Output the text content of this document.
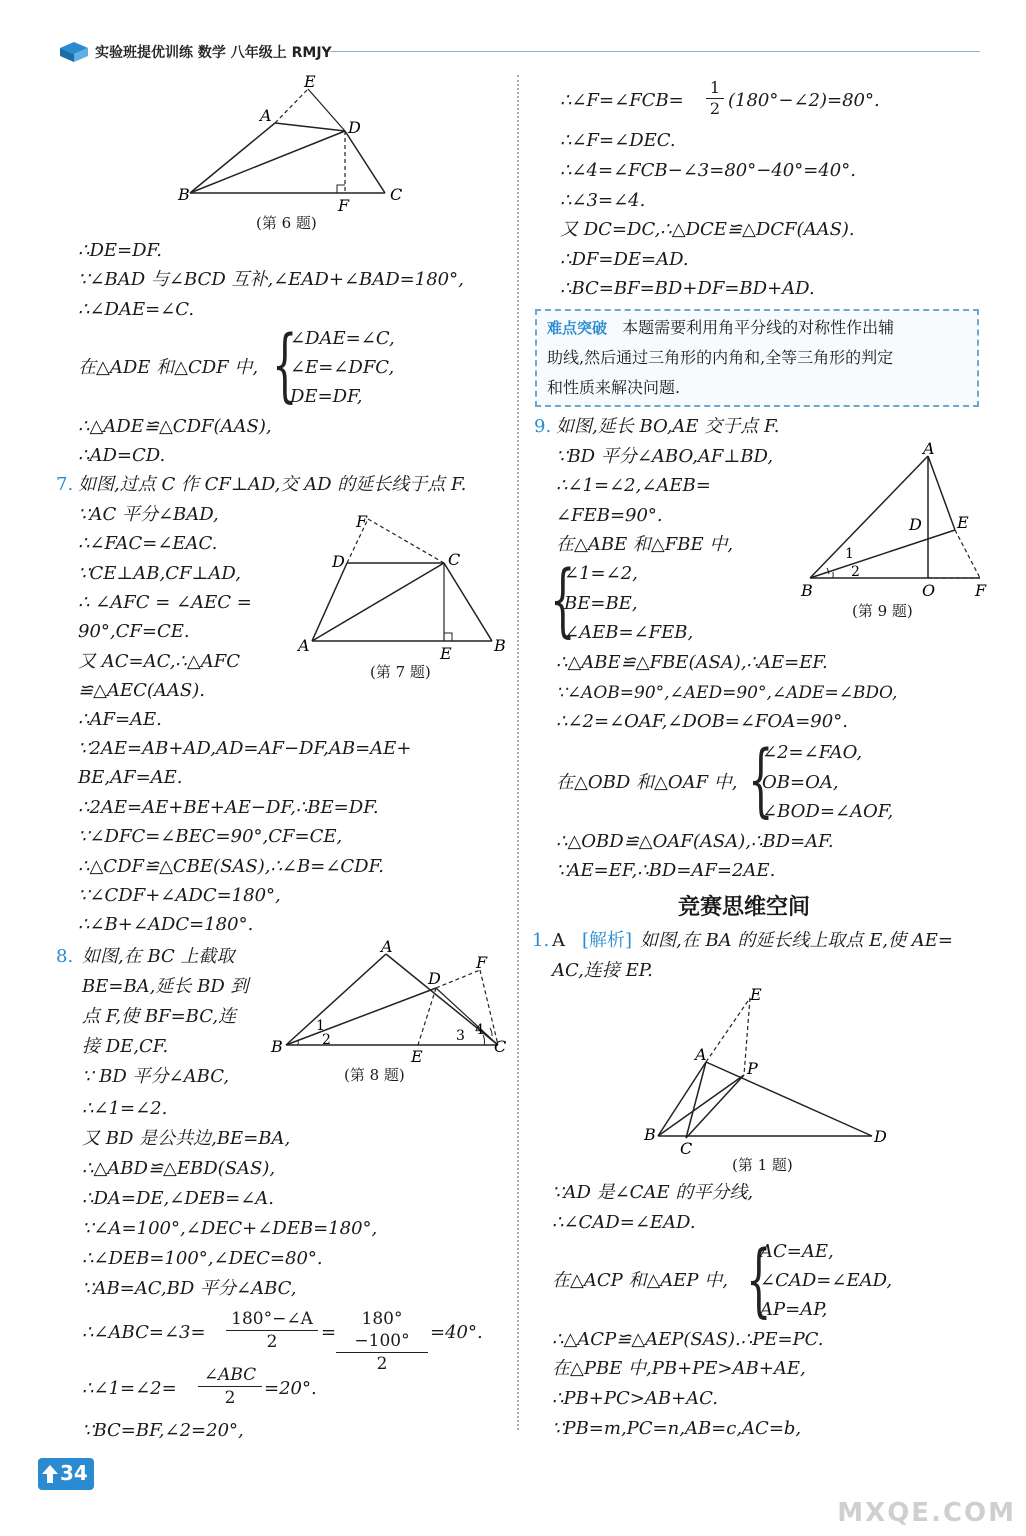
实验班提优训练 数学 八年级上 RMJY
E
A
D
B
F
C
(第 6 题)
∴DE=DF.
∵∠BAD 与∠BCD 互补,∠EAD+∠BAD=180°,
∴∠DAE=∠C.
在△ADE 和△CDF 中, {
∠DAE=∠C,
∠E=∠DFC,
DE=DF,
∴△ADE≌△CDF(AAS),
∴AD=CD.
7. 如图,过点 C 作 CF⊥AD,交 AD 的延长线于点 F.
∵AC 平分∠BAD,
∴∠FAC=∠EAC.
∵CE⊥AB,CF⊥AD,
∴ ∠AFC = ∠AEC =
90°,CF=CE.
又 AC=AC,∴△AFC
≌△AEC(AAS).
∴AF=AE.
∵2AE=AB+AD,AD=AF−DF,AB=AE+
BE,AF=AE.
∴2AE=AE+BE+AE−DF,∴BE=DF.
∵∠DFC=∠BEC=90°,CF=CE,
∴△CDF≌△CBE(SAS),∴∠B=∠CDF.
∵∠CDF+∠ADC=180°,
∴∠B+∠ADC=180°.
F
D	C
A	E	B
(第 7 题)
8. 如图,在 BC 上截取
BE=BA,延长 BD 到
点 F,使 BF=BC,连
接 DE,CF.
∵ BD 平分∠ABC,
∴∠1=∠2.
又 BD 是公共边,BE=BA,
∴△ABD≌△EBD(SAS),
∴DA=DE,∠DEB=∠A.
∵∠A=100°,∠DEC+∠DEB=180°,
∴∠DEB=100°,∠DEC=80°.
∵AB=AC,BD 平分∠ABC,
∴∠ABC=∠3= $\frac{180^\circ-\angle A}{2} = \frac{180^\circ-100^\circ}{2} =40^\circ$.
∴∠1=∠2=
∠ABC
2	=20°.
∵BC=BF,∠2=20°,
A
F
D
1
2	3 4
B
E
C
(第 8 题)
∴∠F=∠FCB= $\frac{1}{2}$ (180°−∠2)=80°.
∴∠F=∠DEC.
∴∠4=∠FCB−∠3=80°−40°=40°.
∴∠3=∠4.
又 DC=DC,∴△DCE≌△DCF(AAS).
∴DF=DE=AD.
∴BC=BF=BD+DF=BD+AD.
难点突破 本题需要利用角平分线的对称性作出辅
助线,然后通过三角形的内角和,全等三角形的判定
和性质来解决问题.
9. 如图,延长 BO,AE 交于点 F.
∵BD 平分∠ABO,AF⊥BD,
∴∠1=∠2,∠AEB=
∠FEB=90°.
在△ABE 和△FBE 中,
{
∠1=∠2,
BE=BE,
∠AEB=∠FEB,
∴△ABE≌△FBE(ASA),∴AE=EF.
∵∠AOB=90°,∠AED=90°,∠ADE=∠BDO,
∴∠2=∠OAF,∠DOB=∠FOA=90°.
在△OBD 和△OAF 中, {
∠2=∠FAO,
OB=OA,
∠BOD=∠AOF,
∴△OBD≌△OAF(ASA),∴BD=AF.
∵AE=EF,∴BD=AF=2AE.
A
D E
1
2
B	O F
(第 9 题)
竞赛思维空间
1. A [解析] 如图,在 BA 的延长线上取点 E,使 AE=
AC,连接 EP.
∵AD 是∠CAE 的平分线,
∴∠CAD=∠EAD.
在△ACP 和△AEP 中, {
AC=AE,
∠CAD=∠EAD,
AP=AP,
∴△ACP≌△AEP(SAS).∴PE=PC.
在△PBE 中,PB+PE>AB+AE,
∴PB+PC>AB+AC.
∵PB=m,PC=n,AB=c,AC=b,
E
A
P
B
C
D
(第 1 题)
34
MXQE.COM
